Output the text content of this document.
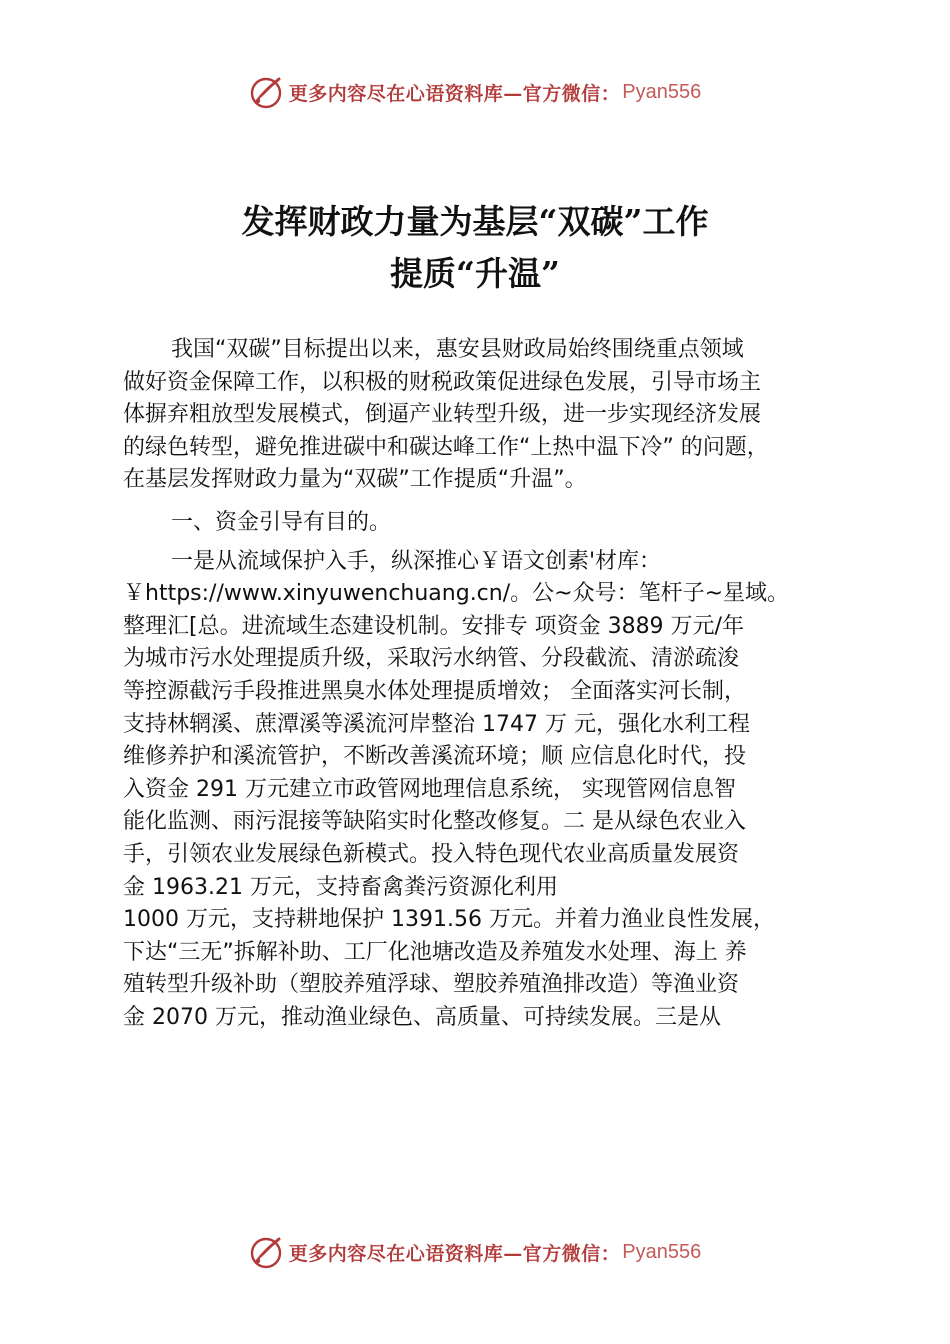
更多内容尽在心语资料库—官方微信： Pyan556
发挥财政力量为基层“双碳”工作
提质“升温”
我国“双碳”目标提出以来，惠安县财政局始终围绕重点领域
做好资金保障工作，以积极的财税政策促进绿色发展，引导市场主
体摒弃粗放型发展模式，倒逼产业转型升级，进一步实现经济发展
的绿色转型，避免推进碳中和碳达峰工作“上热中温下冷” 的问题，
在基层发挥财政力量为“双碳”工作提质“升温”。
一、资金引导有目的。
一是从流域保护入手，纵深推心￥语文创素'材库：
￥https://www.xinyuwenchuang.cn/。公~众号：笔杆子~星域。
整理汇[总。进流域生态建设机制。安排专 项资金 3889 万元/年
为城市污水处理提质升级，采取污水纳管、分段截流、清淤疏浚
等控源截污手段推进黑臭水体处理提质增效； 全面落实河长制，
支持林辋溪、蔗潭溪等溪流河岸整治 1747 万 元，强化水利工程
维修养护和溪流管护，不断改善溪流环境；顺 应信息化时代，投
入资金 291 万元建立市政管网地理信息系统， 实现管网信息智
能化监测、雨污混接等缺陷实时化整改修复。二 是从绿色农业入
手，引领农业发展绿色新模式。投入特色现代农业高质量发展资
金 1963.21 万元，支持畜禽粪污资源化利用
1000 万元，支持耕地保护 1391.56 万元。并着力渔业良性发展，
下达“三无”拆解补助、工厂化池塘改造及养殖发水处理、海上 养
殖转型升级补助（塑胶养殖浮球、塑胶养殖渔排改造）等渔业资
金 2070 万元，推动渔业绿色、高质量、可持续发展。三是从
更多内容尽在心语资料库—官方微信： Pyan556
